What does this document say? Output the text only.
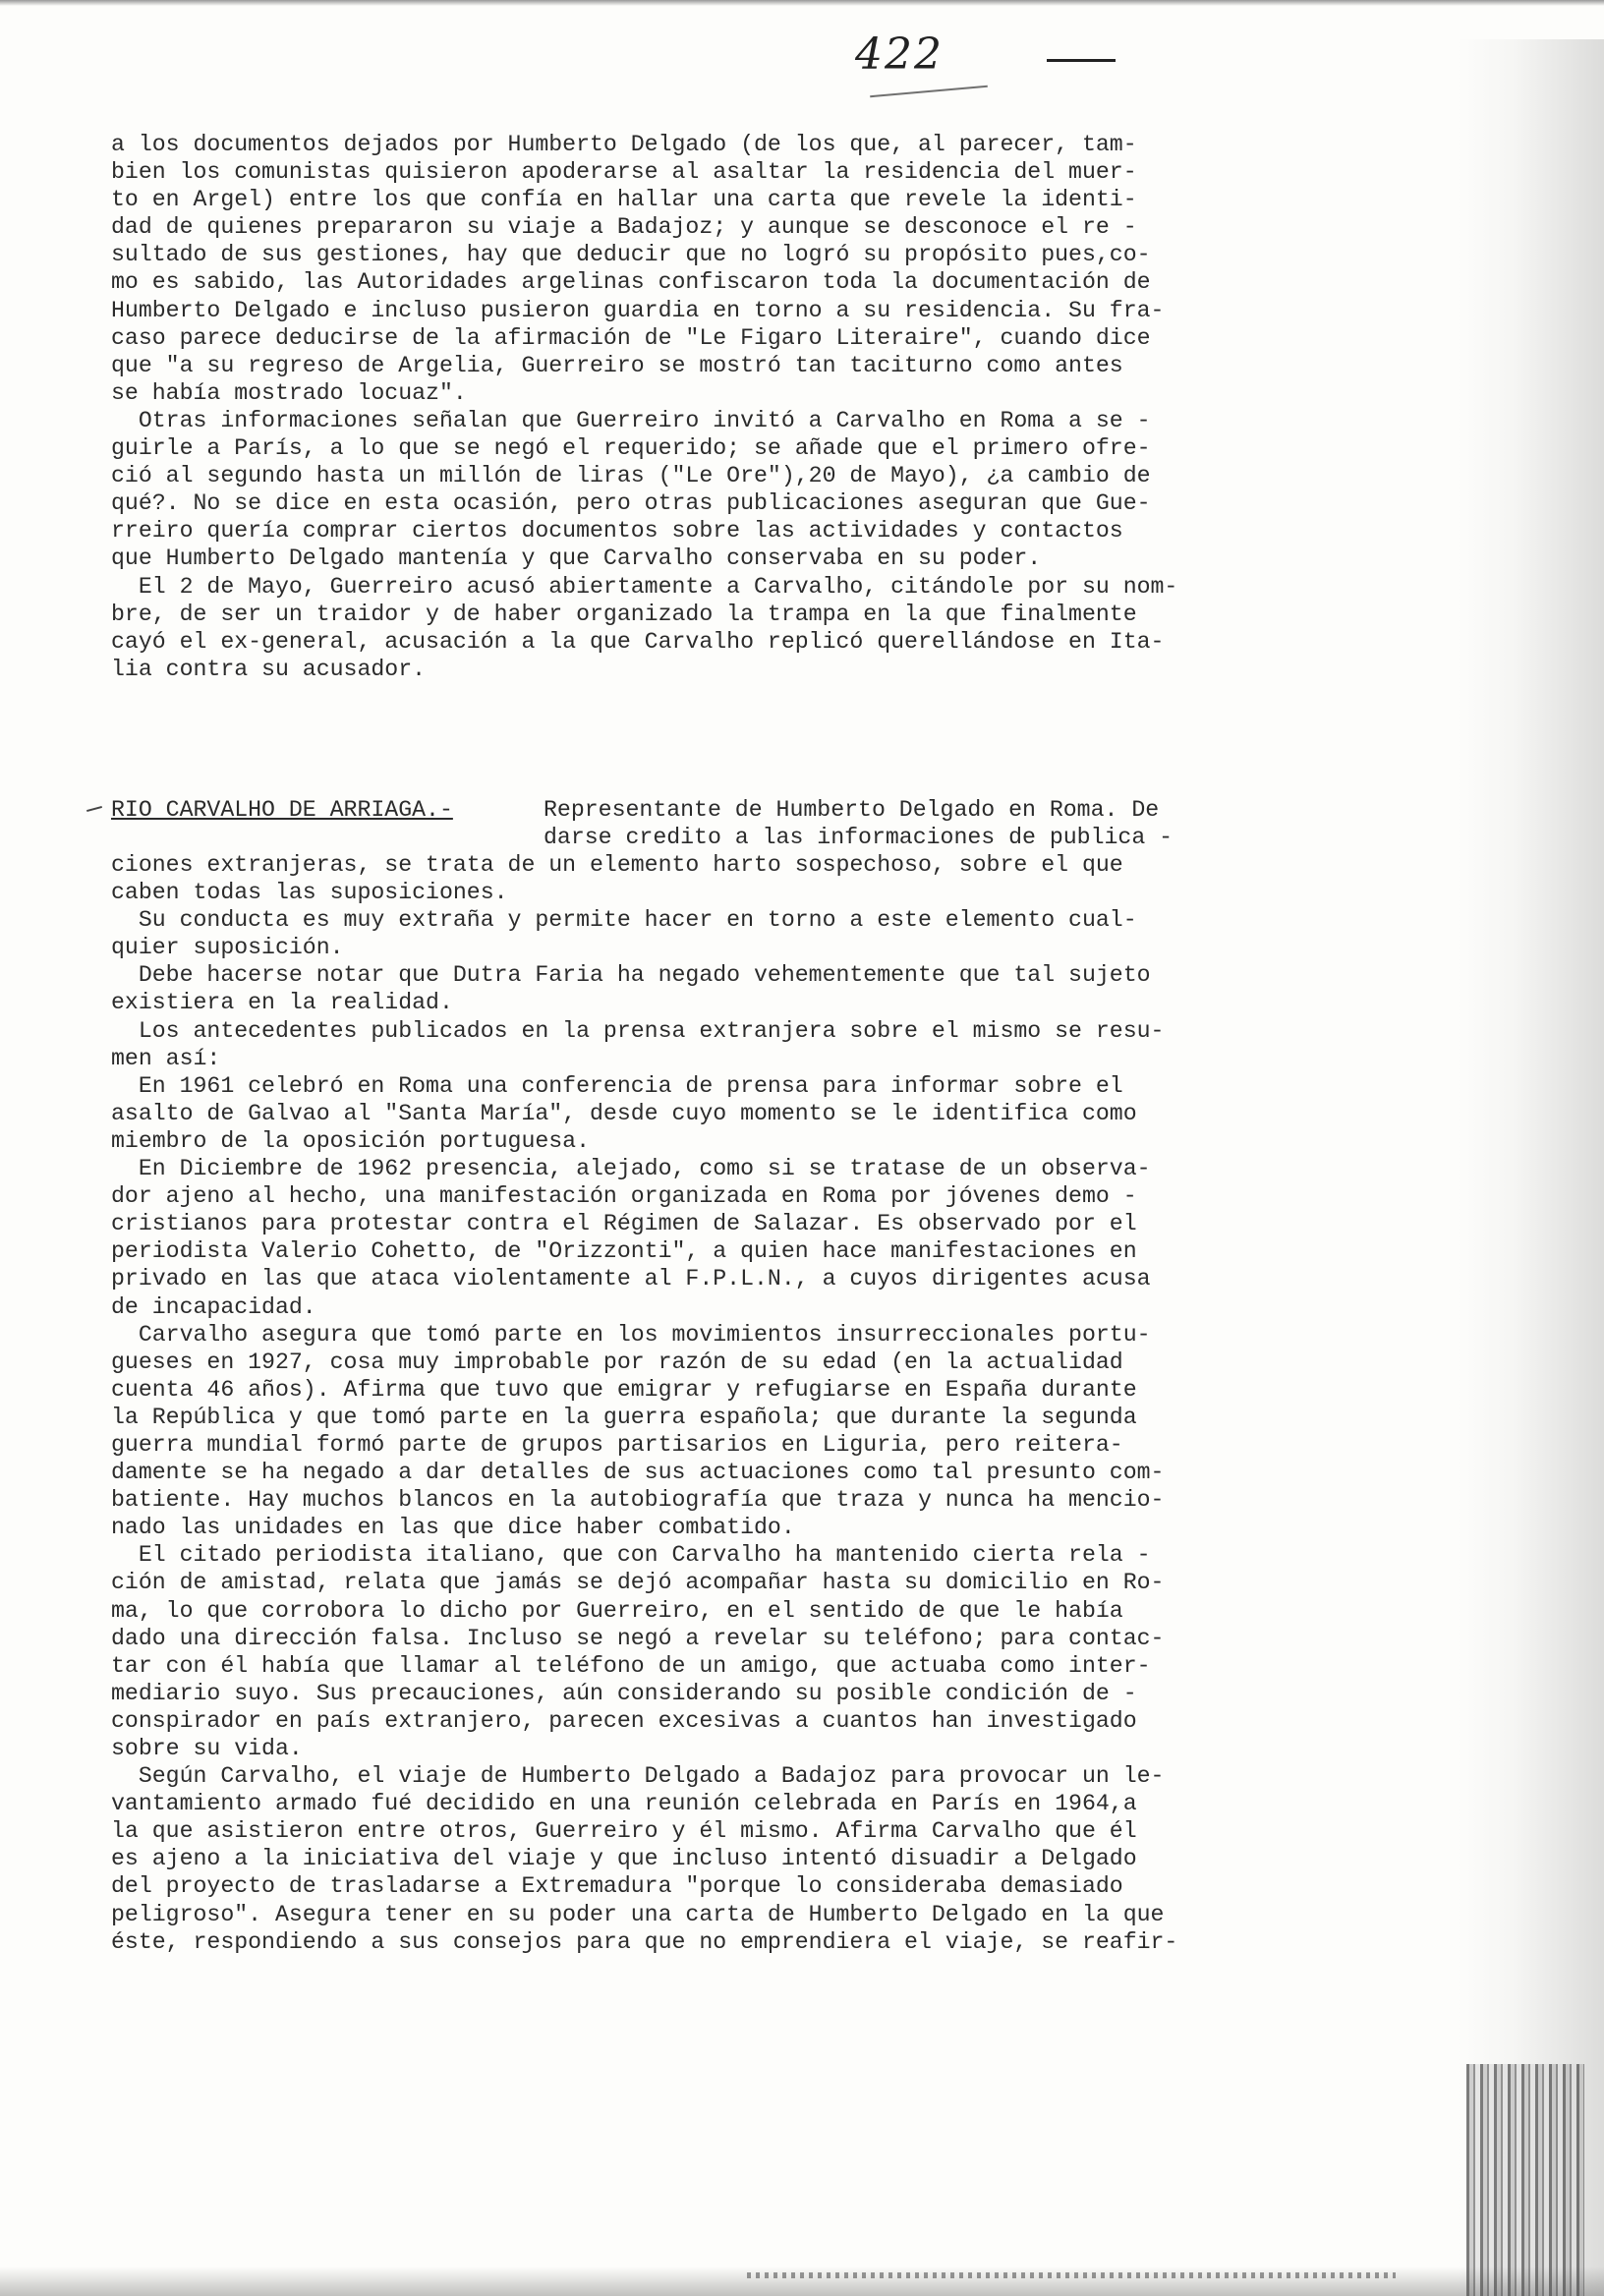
422
a los documentos dejados por Humberto Delgado (de los que, al parecer, tam-
bien los comunistas quisieron apoderarse al asaltar la residencia del muer-
to en Argel) entre los que confía en hallar una carta que revele la identi-
dad de quienes prepararon su viaje a Badajoz; y aunque se desconoce el re -
sultado de sus gestiones, hay que deducir que no logró su propósito pues,co-
mo es sabido, las Autoridades argelinas confiscaron toda la documentación de
Humberto Delgado e incluso pusieron guardia en torno a su residencia. Su fra-
caso parece deducirse de la afirmación de "Le Figaro Literaire", cuando dice
que "a su regreso de Argelia, Guerreiro se mostró tan taciturno como antes
se había mostrado locuaz".
Otras informaciones señalan que Guerreiro invitó a Carvalho en Roma a se -
guirle a París, a lo que se negó el requerido; se añade que el primero ofre-
ció al segundo hasta un millón de liras ("Le Ore"),20 de Mayo), ¿a cambio de
qué?. No se dice en esta ocasión, pero otras publicaciones aseguran que Gue-
rreiro quería comprar ciertos documentos sobre las actividades y contactos
que Humberto Delgado mantenía y que Carvalho conservaba en su poder.
El 2 de Mayo, Guerreiro acusó abiertamente a Carvalho, citándole por su nom-
bre, de ser un traidor y de haber organizado la trampa en la que finalmente
cayó el ex-general, acusación a la que Carvalho replicó querellándose en Ita-
lia contra su acusador.
RIO CARVALHO DE ARRIAGA.-	Representante de Humberto Delgado en Roma. De
darse credito a las informaciones de publica -
ciones extranjeras, se trata de un elemento harto sospechoso, sobre el que
caben todas las suposiciones.
Su conducta es muy extraña y permite hacer en torno a este elemento cual-
quier suposición.
Debe hacerse notar que Dutra Faria ha negado vehementemente que tal sujeto
existiera en la realidad.
Los antecedentes publicados en la prensa extranjera sobre el mismo se resu-
men así:
En 1961 celebró en Roma una conferencia de prensa para informar sobre el
asalto de Galvao al "Santa María", desde cuyo momento se le identifica como
miembro de la oposición portuguesa.
En Diciembre de 1962 presencia, alejado, como si se tratase de un observa-
dor ajeno al hecho, una manifestación organizada en Roma por jóvenes demo -
cristianos para protestar contra el Régimen de Salazar. Es observado por el
periodista Valerio Cohetto, de "Orizzonti", a quien hace manifestaciones en
privado en las que ataca violentamente al F.P.L.N., a cuyos dirigentes acusa
de incapacidad.
Carvalho asegura que tomó parte en los movimientos insurreccionales portu-
gueses en 1927, cosa muy improbable por razón de su edad (en la actualidad
cuenta 46 años). Afirma que tuvo que emigrar y refugiarse en España durante
la República y que tomó parte en la guerra española; que durante la segunda
guerra mundial formó parte de grupos partisarios en Liguria, pero reitera-
damente se ha negado a dar detalles de sus actuaciones como tal presunto com-
batiente. Hay muchos blancos en la autobiografía que traza y nunca ha mencio-
nado las unidades en las que dice haber combatido.
El citado periodista italiano, que con Carvalho ha mantenido cierta rela -
ción de amistad, relata que jamás se dejó acompañar hasta su domicilio en Ro-
ma, lo que corrobora lo dicho por Guerreiro, en el sentido de que le había
dado una dirección falsa. Incluso se negó a revelar su teléfono; para contac-
tar con él había que llamar al teléfono de un amigo, que actuaba como inter-
mediario suyo. Sus precauciones, aún considerando su posible condición de -
conspirador en país extranjero, parecen excesivas a cuantos han investigado
sobre su vida.
Según Carvalho, el viaje de Humberto Delgado a Badajoz para provocar un le-
vantamiento armado fué decidido en una reunión celebrada en París en 1964,a
la que asistieron entre otros, Guerreiro y él mismo. Afirma Carvalho que él
es ajeno a la iniciativa del viaje y que incluso intentó disuadir a Delgado
del proyecto de trasladarse a Extremadura "porque lo consideraba demasiado
peligroso". Asegura tener en su poder una carta de Humberto Delgado en la que
éste, respondiendo a sus consejos para que no emprendiera el viaje, se reafir-
